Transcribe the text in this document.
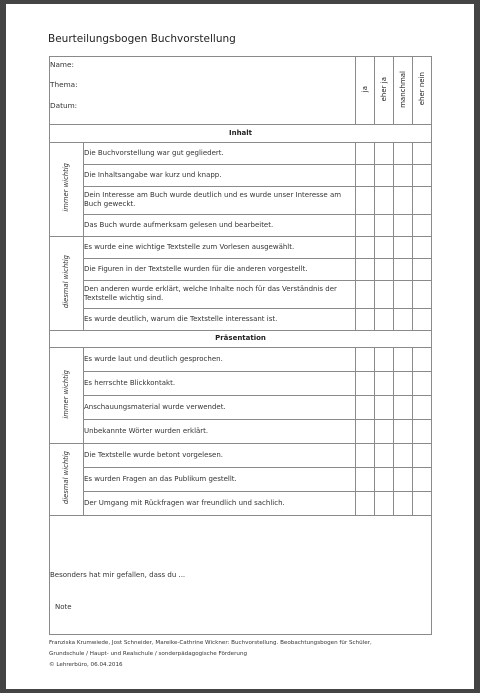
Beurteilungsbogen Buchvorstellung
Name:
Thema:
Datum:		ja	eher ja	manchmal	eher nein
Inhalt					
immer wichtig	Die Buchvorstellung war gut gegliedert.				
	Die Inhaltsangabe war kurz und knapp.				
	Dein Interesse am Buch wurde deutlich und es wurde unser Interesse am Buch geweckt.				
	Das Buch wurde aufmerksam gelesen und bearbeitet.				
diesmal wichtig	Es wurde eine wichtige Textstelle zum Vorlesen ausgewählt.				
	Die Figuren in der Textstelle wurden für die anderen vorgestellt.				
	Den anderen wurde erklärt, welche Inhalte noch für das Verständnis der Textstelle wichtig sind.				
	Es wurde deutlich, warum die Textstelle interessant ist.				
Präsentation					
immer wichtig	Es wurde laut und deutlich gesprochen.				
	Es herrschte Blickkontakt.				
	Anschauungsmaterial wurde verwendet.				
	Unbekannte Wörter wurden erklärt.				
diesmal wichtig	Die Textstelle wurde betont vorgelesen.				
	Es wurden Fragen an das Publikum gestellt.				
	Der Umgang mit Rückfragen war freundlich und sachlich.				

Besonders hat mir gefallen, dass du ...
Note					
Franziska Krumwiede, Jost Schneider, Mareike-Cathrine Wickner: Buchvorstellung. Beobachtungsbogen für Schüler,
Grundschule / Haupt- und Realschule / sonderpädagogische Förderung
© Lehrerbüro, 06.04.2016
